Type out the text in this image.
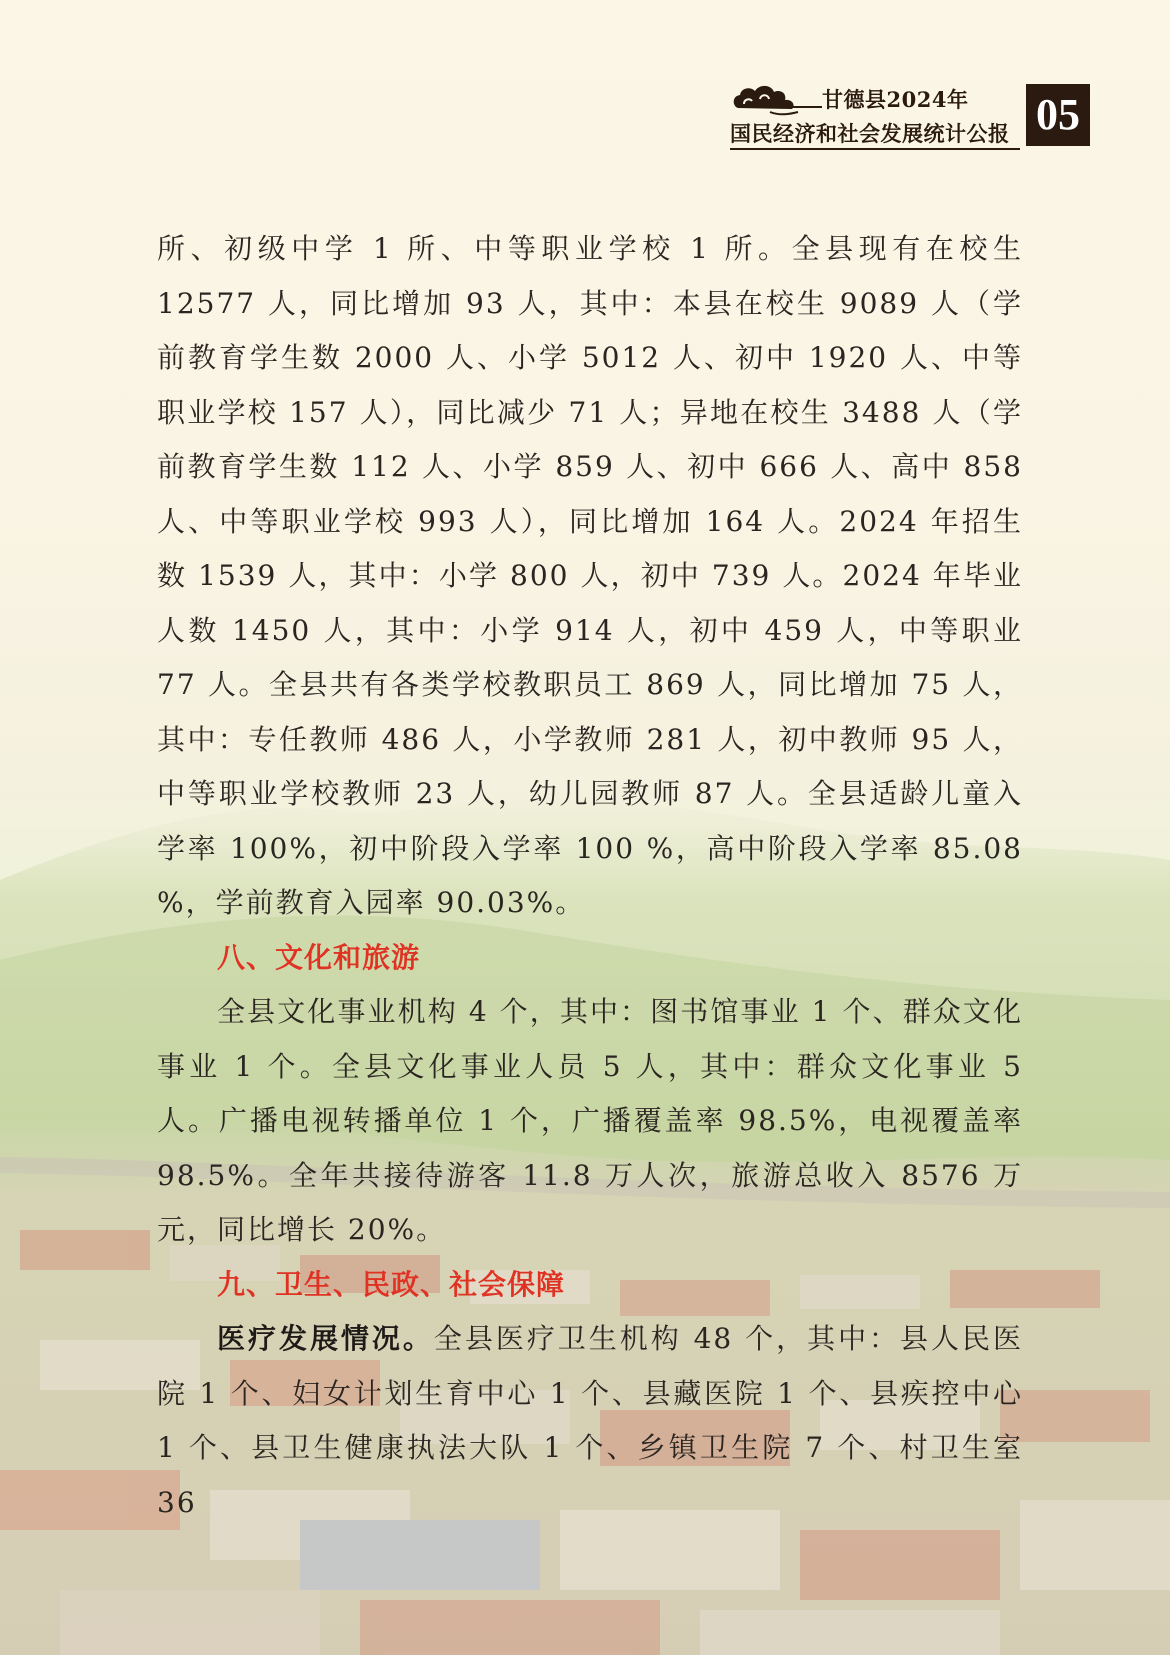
甘德县2024年
国民经济和社会发展统计公报 05

所、初级中学 1 所、中等职业学校 1 所。全县现有在校生 12577 人，同比增加 93 人，其中：本县在校生 9089 人（学前教育学生数 2000 人、小学 5012 人、初中 1920 人、中等职业学校 157 人），同比减少 71 人；异地在校生 3488 人（学前教育学生数 112 人、小学 859 人、初中 666 人、高中 858 人、中等职业学校 993 人），同比增加 164 人。2024 年招生数 1539 人，其中：小学 800 人，初中 739 人。2024 年毕业人数 1450 人，其中：小学 914 人，初中 459 人，中等职业 77 人。全县共有各类学校教职员工 869 人，同比增加 75 人，其中：专任教师 486 人，小学教师 281 人，初中教师 95 人，中等职业学校教师 23 人，幼儿园教师 87 人。全县适龄儿童入学率 100%，初中阶段入学率 100 %，高中阶段入学率 85.08 %，学前教育入园率 90.03%。

八、文化和旅游

全县文化事业机构 4 个，其中：图书馆事业 1 个、群众文化事业 1 个。全县文化事业人员 5 人，其中：群众文化事业 5 人。广播电视转播单位 1 个，广播覆盖率 98.5%，电视覆盖率 98.5%。全年共接待游客 11.8 万人次，旅游总收入 8576 万元，同比增长 20%。

九、卫生、民政、社会保障

医疗发展情况。全县医疗卫生机构 48 个，其中：县人民医院 1 个、妇女计划生育中心 1 个、县藏医院 1 个、县疾控中心 1 个、县卫生健康执法大队 1 个、乡镇卫生院 7 个、村卫生室 36
